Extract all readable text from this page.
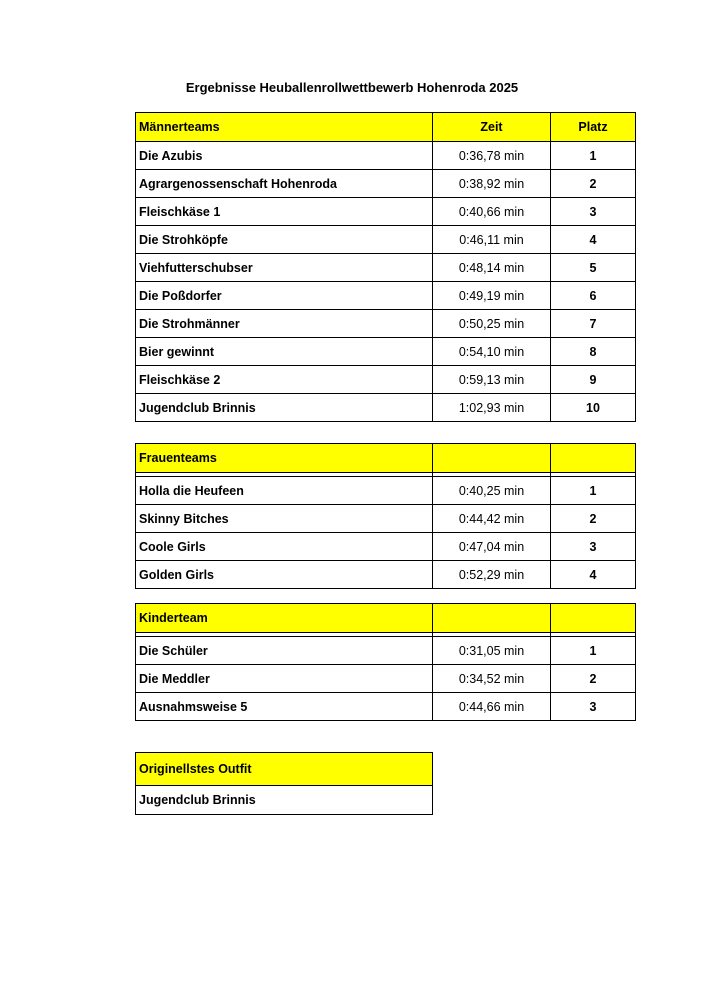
Ergebnisse Heuballenrollwettbewerb Hohenroda 2025
Männerteams	Zeit	Platz
Die Azubis	0:36,78 min	1
Agrargenossenschaft Hohenroda	0:38,92 min	2
Fleischkäse 1	0:40,66 min	3
Die Strohköpfe	0:46,11 min	4
Viehfutterschubser	0:48,14 min	5
Die Poßdorfer	0:49,19 min	6
Die Strohmänner	0:50,25 min	7
Bier gewinnt	0:54,10 min	8
Fleischkäse 2	0:59,13 min	9
Jugendclub Brinnis	1:02,93 min	10
Frauenteams		

Holla die Heufeen	0:40,25 min	1
Skinny Bitches	0:44,42 min	2
Coole Girls	0:47,04 min	3
Golden Girls	0:52,29 min	4
Kinderteam		

Die Schüler	0:31,05 min	1
Die Meddler	0:34,52 min	2
Ausnahmsweise 5	0:44,66 min	3
Originellstes Outfit
Jugendclub Brinnis
